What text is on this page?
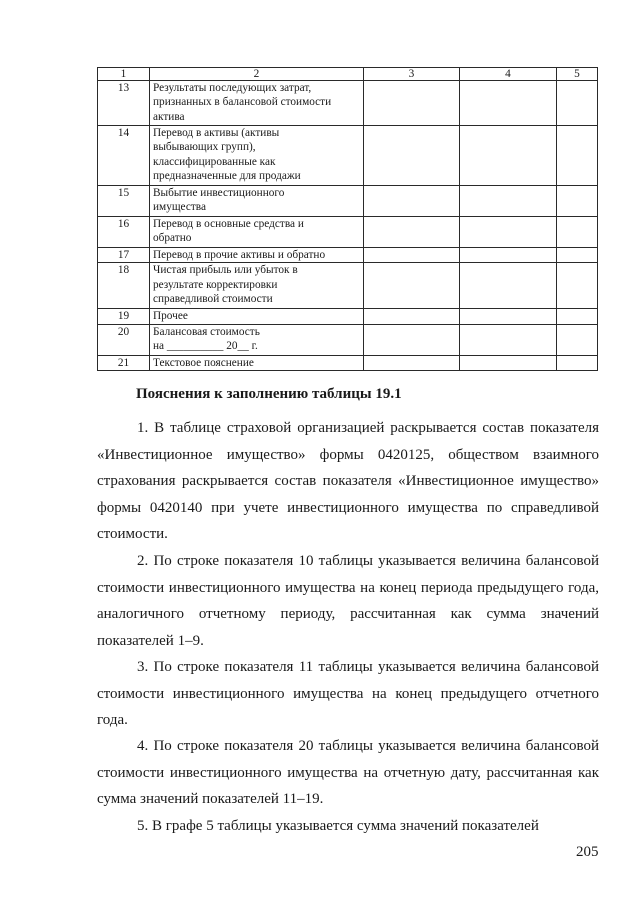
1	2	3	4	5
13	Результаты последующих затрат,
признанных в балансовой стоимости
актива			
14	Перевод в активы (активы
выбывающих групп),
классифицированные как
предназначенные для продажи			
15	Выбытие инвестиционного
имущества			
16	Перевод в основные средства и
обратно			
17	Перевод в прочие активы и обратно			
18	Чистая прибыль или убыток в
результате корректировки
справедливой стоимости			
19	Прочее			
20	Балансовая стоимость
на __________ 20__ г.			
21	Текстовое пояснение			
Пояснения к заполнению таблицы 19.1

1. В таблице страховой организацией раскрывается состав показателя «Инвестиционное имущество» формы 0420125, обществом взаимного страхования раскрывается состав показателя «Инвестиционное имущество» формы 0420140 при учете инвестиционного имущества по справедливой стоимости.

2. По строке показателя 10 таблицы указывается величина балансовой стоимости инвестиционного имущества на конец периода предыдущего года, аналогичного отчетному периоду, рассчитанная как сумма значений показателей 1–9.

3. По строке показателя 11 таблицы указывается величина балансовой стоимости инвестиционного имущества на конец предыдущего отчетного года.

4. По строке показателя 20 таблицы указывается величина балансовой стоимости инвестиционного имущества на отчетную дату, рассчитанная как сумма значений показателей 11–19.

5. В графе 5 таблицы указывается сумма значений показателей

205
